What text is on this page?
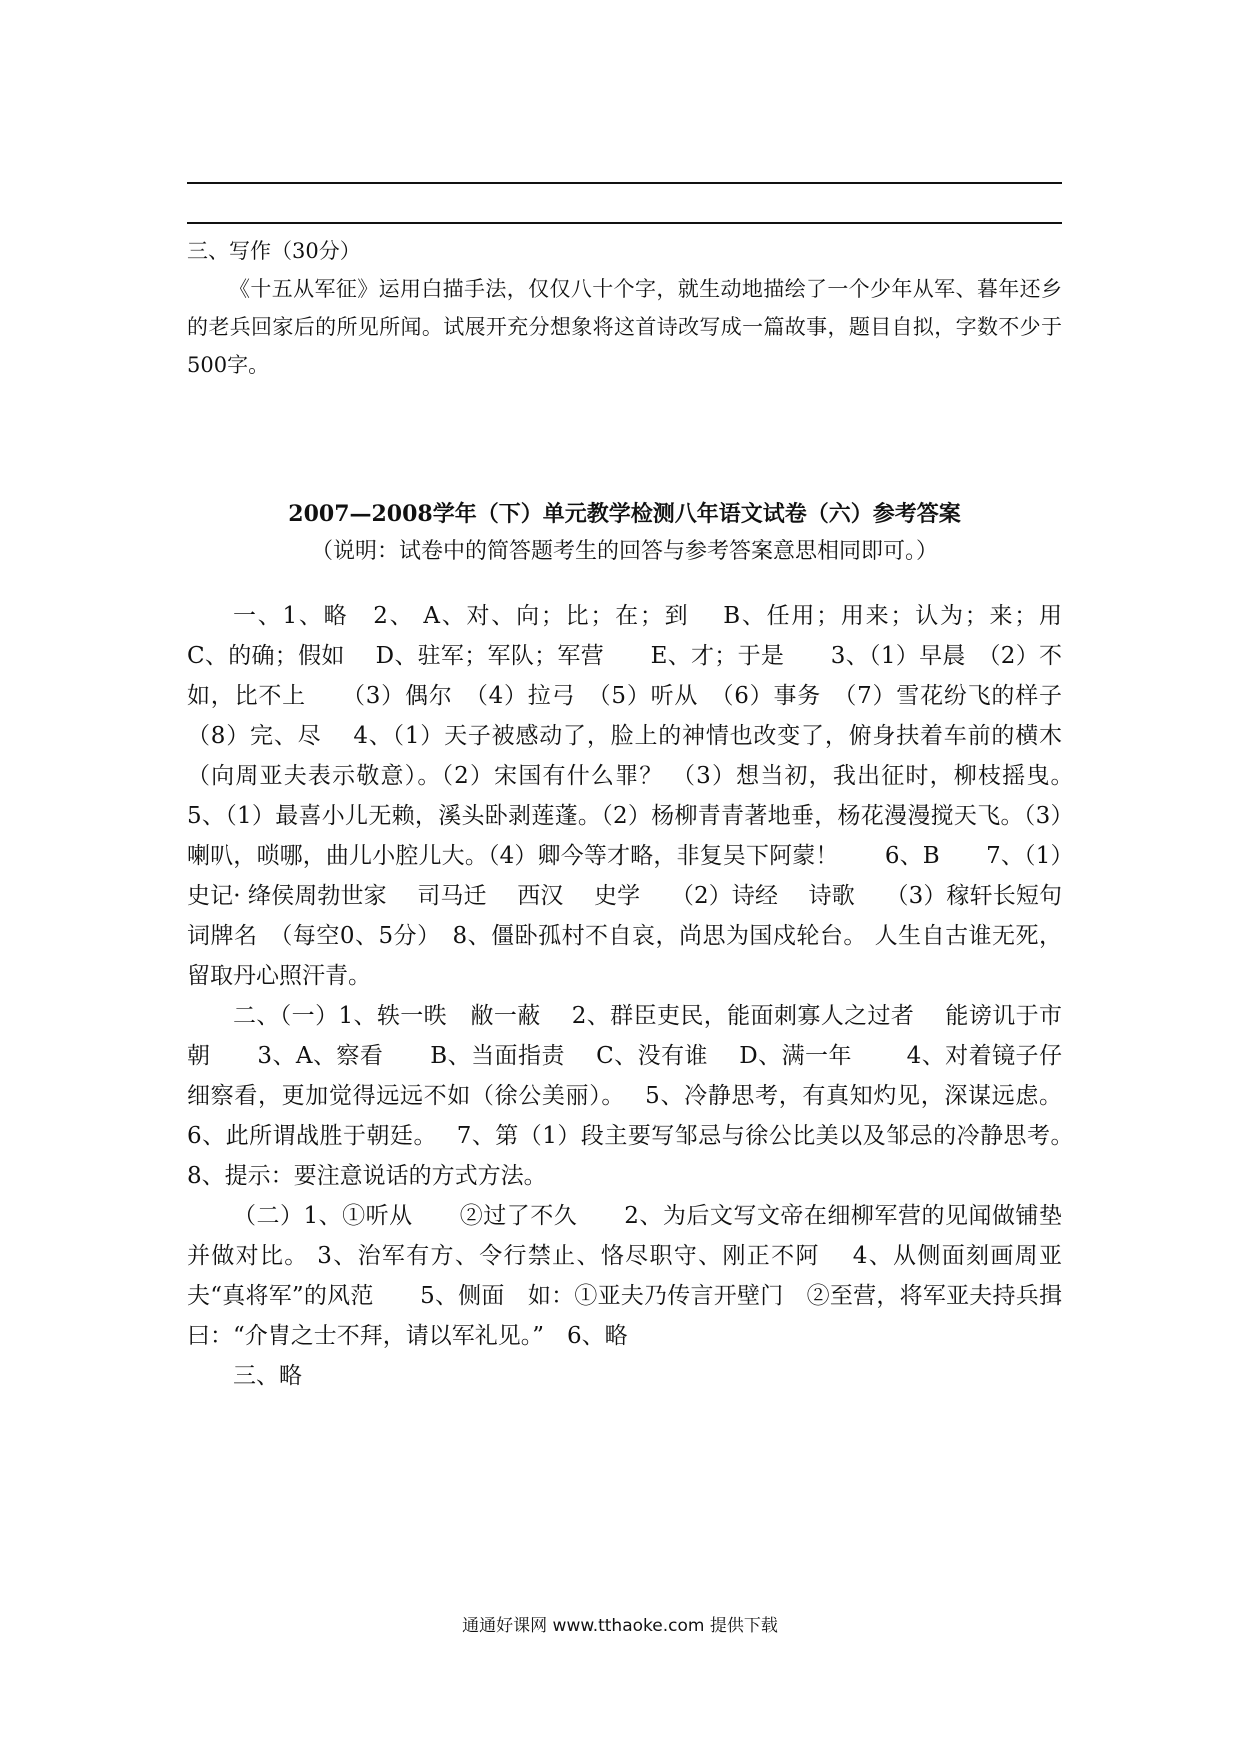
三、写作（30分）

《十五从军征》运用白描手法，仅仅八十个字，就生动地描绘了一个少年从军、暮年还乡的老兵回家后的所见所闻。试展开充分想象将这首诗改写成一篇故事，题目自拟，字数不少于500字。

2007—2008学年（下）单元教学检测八年语文试卷（六）参考答案

（说明：试卷中的简答题考生的回答与参考答案意思相同即可。）

一、1、略　2、 A、对、向；比；在；到　 B、任用；用来；认为；来；用　C、的确；假如　 D、驻军；军队；军营　　E、才；于是　　3、（1）早晨　（2）不如，比不上　　（3）偶尔　（4）拉弓　（5）听从　（6）事务　（7）雪花纷飞的样子　（8）完、尽　 4、（1）天子被感动了，脸上的神情也改变了，俯身扶着车前的横木（向周亚夫表示敬意）。（2）宋国有什么罪？ （3）想当初，我出征时，柳枝摇曳。　　5、（1）最喜小儿无赖，溪头卧剥莲蓬。（2）杨柳青青著地垂，杨花漫漫搅天飞。（3）喇叭，唢哪，曲儿小腔儿大。（4）卿今等才略，非复吴下阿蒙！　　6、B　　7、（1）史记· 绛侯周勃世家　 司马迁　 西汉　 史学　 （2）诗经　 诗歌　 （3）稼轩长短句　 词牌名　（每空0、5分）　8、僵卧孤村不自哀，尚思为国戍轮台。 人生自古谁无死，留取丹心照汗青。

二、（一）1、轶一昳　敝一蔽　 2、群臣吏民，能面刺寡人之过者　 能谤讥于市朝　　3、A、察看　　B、当面指责　 C、没有谁　 D、满一年　　 4、对着镜子仔细察看，更加觉得远远不如（徐公美丽）。　 5、冷静思考，有真知灼见，深谋远虑。 6、此所谓战胜于朝廷。　 7、第（1）段主要写邹忌与徐公比美以及邹忌的冷静思考。　8、提示：要注意说话的方式方法。

（二）1、①听从　　②过了不久　　2、为后文写文帝在细柳军营的见闻做铺垫并做对比。 3、治军有方、令行禁止、恪尽职守、刚正不阿　 4、从侧面刻画周亚夫“真将军”的风范　　5、侧面　如：①亚夫乃传言开壁门　②至营，将军亚夫持兵揖曰：“介胄之士不拜，请以军礼见。”　6、略

三、略

通通好课网 www.tthaoke.com 提供下载
